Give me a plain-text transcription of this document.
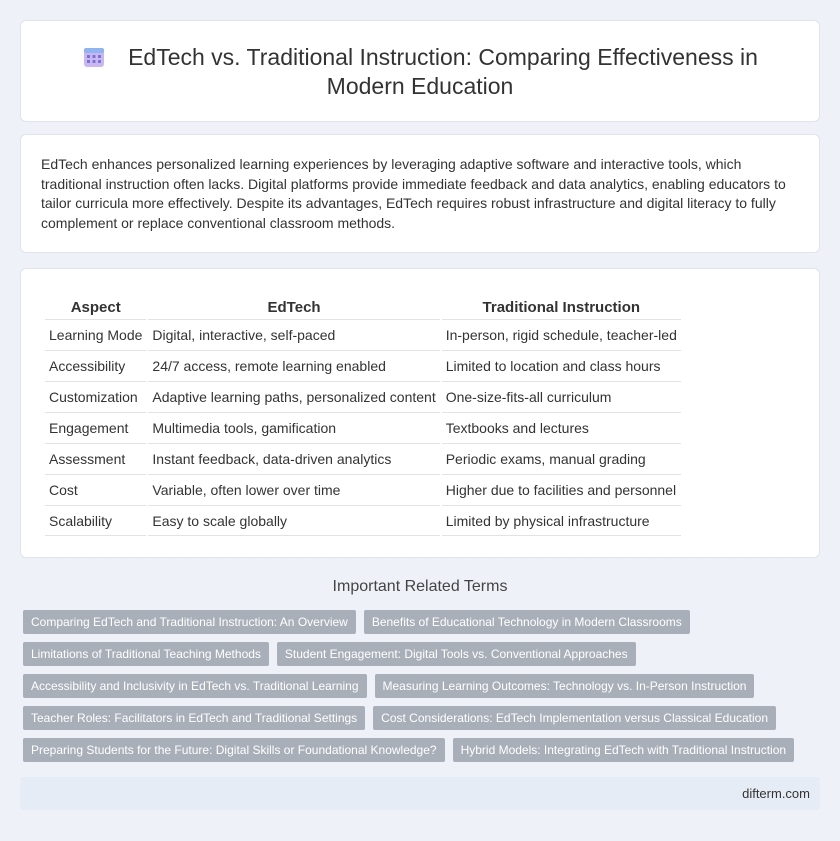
EdTech vs. Traditional Instruction: Comparing Effectiveness in Modern Education

EdTech enhances personalized learning experiences by leveraging adaptive software and interactive tools, which traditional instruction often lacks. Digital platforms provide immediate feedback and data analytics, enabling educators to tailor curricula more effectively. Despite its advantages, EdTech requires robust infrastructure and digital literacy to fully complement or replace conventional classroom methods.

Aspect	EdTech	Traditional Instruction
Learning Mode	Digital, interactive, self-paced	In-person, rigid schedule, teacher-led
Accessibility	24/7 access, remote learning enabled	Limited to location and class hours
Customization	Adaptive learning paths, personalized content	One-size-fits-all curriculum
Engagement	Multimedia tools, gamification	Textbooks and lectures
Assessment	Instant feedback, data-driven analytics	Periodic exams, manual grading
Cost	Variable, often lower over time	Higher due to facilities and personnel
Scalability	Easy to scale globally	Limited by physical infrastructure
Important Related Terms
Comparing EdTech and Traditional Instruction: An Overview	Benefits of Educational Technology in Modern Classrooms
Limitations of Traditional Teaching Methods	Student Engagement: Digital Tools vs. Conventional Approaches
Accessibility and Inclusivity in EdTech vs. Traditional Learning	Measuring Learning Outcomes: Technology vs. In-Person Instruction
Teacher Roles: Facilitators in EdTech and Traditional Settings	Cost Considerations: EdTech Implementation versus Classical Education
Preparing Students for the Future: Digital Skills or Foundational Knowledge?	Hybrid Models: Integrating EdTech with Traditional Instruction
difterm.com
